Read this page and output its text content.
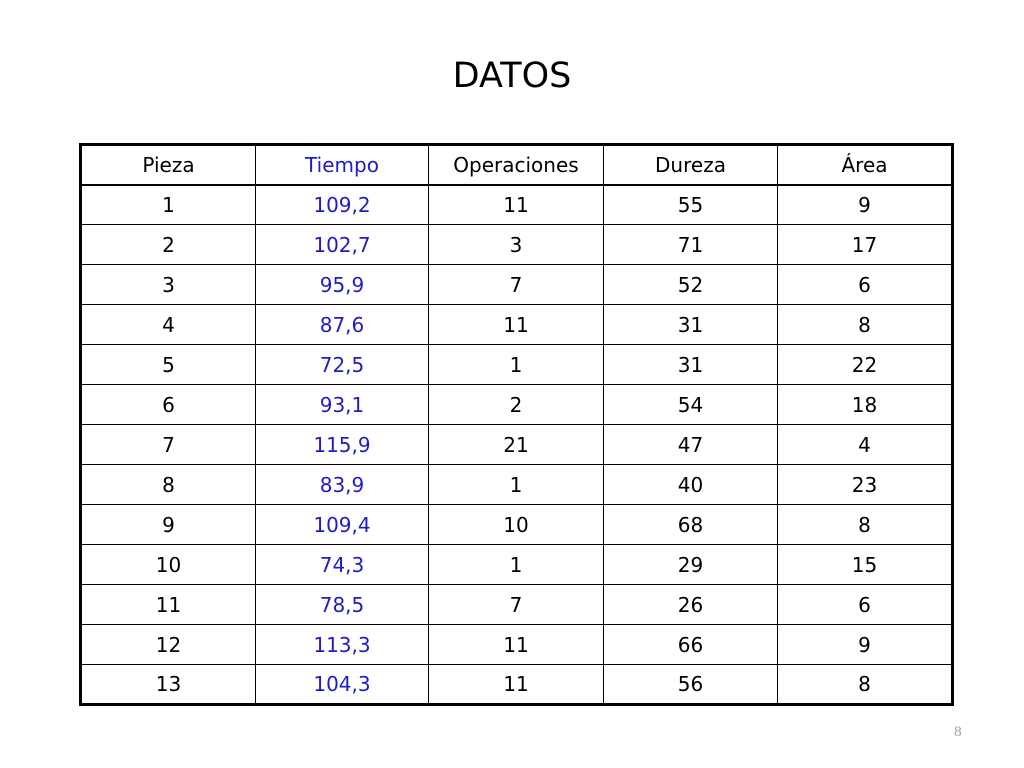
DATOS
Pieza	Tiempo	Operaciones	Dureza	Área
1	109,2	11	55	9
2	102,7	3	71	17
3	95,9	7	52	6
4	87,6	11	31	8
5	72,5	1	31	22
6	93,1	2	54	18
7	115,9	21	47	4
8	83,9	1	40	23
9	109,4	10	68	8
10	74,3	1	29	15
11	78,5	7	26	6
12	113,3	11	66	9
13	104,3	11	56	8
8
